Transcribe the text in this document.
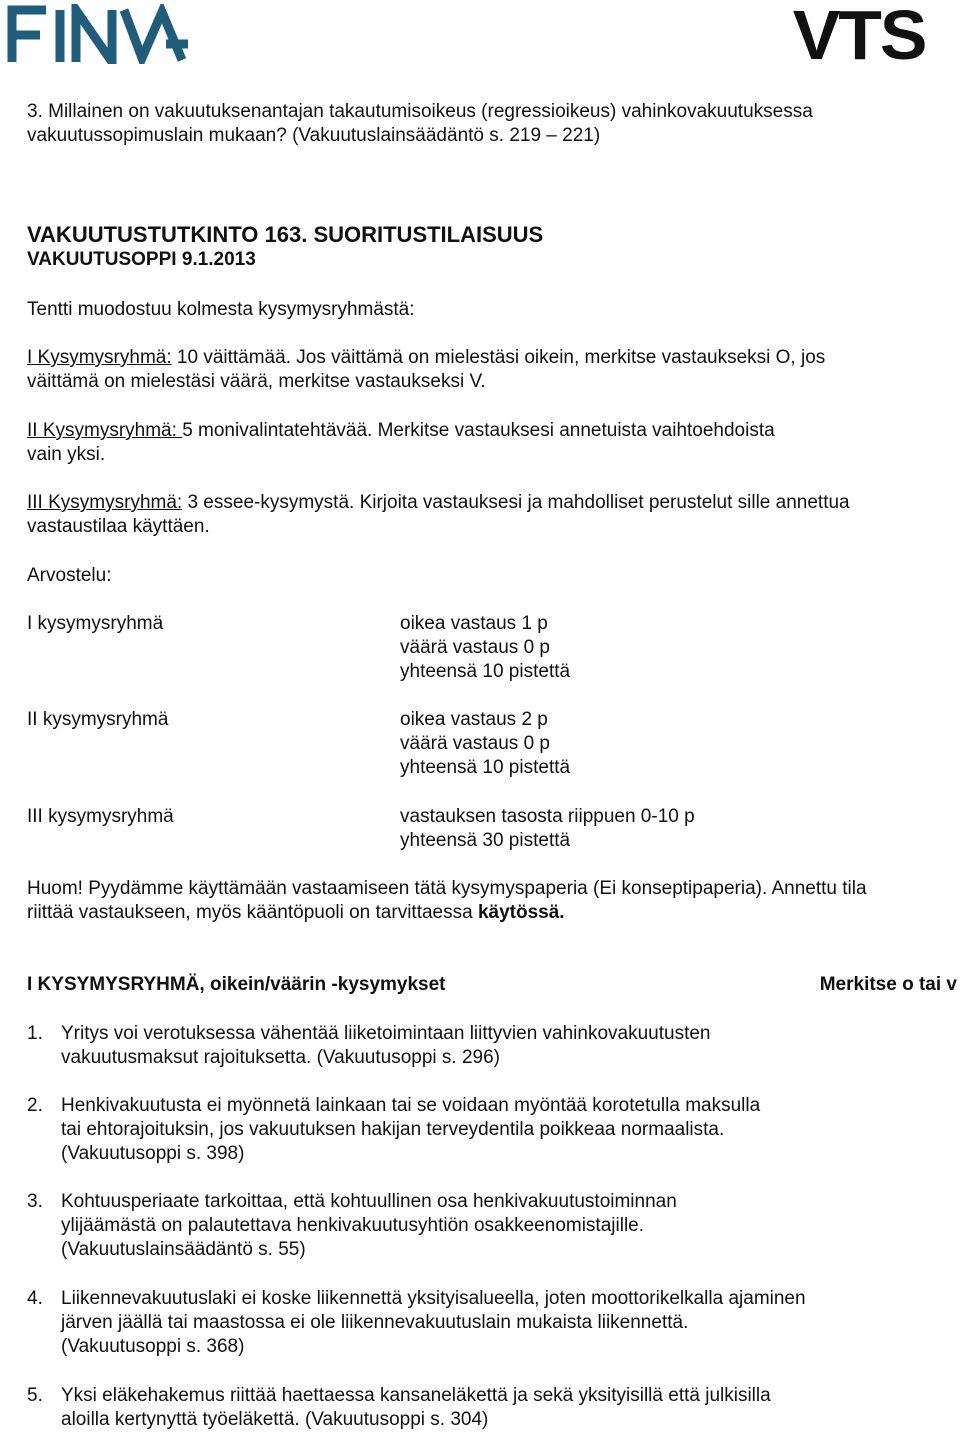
VTS
3. Millainen on vakuutuksenantajan takautumisoikeus (regressioikeus) vahinkovakuutuksessa
vakuutussopimuslain mukaan? (Vakuutuslainsäädäntö s. 219 – 221)
VAKUUTUSTUTKINTO 163. SUORITUSTILAISUUS
VAKUUTUSOPPI 9.1.2013
Tentti muodostuu kolmesta kysymysryhmästä:
I Kysymysryhmä: 10 väittämää. Jos väittämä on mielestäsi oikein, merkitse vastaukseksi O, jos
väittämä on mielestäsi väärä, merkitse vastaukseksi V.
II Kysymysryhmä: 5 monivalintatehtävää. Merkitse vastauksesi annetuista vaihtoehdoista
vain yksi.
III Kysymysryhmä: 3 essee-kysymystä. Kirjoita vastauksesi ja mahdolliset perustelut sille annettua
vastaustilaa käyttäen.
Arvostelu:
I kysymysryhmä	oikea vastaus 1 p
väärä vastaus 0 p
yhteensä 10 pistettä
II kysymysryhmä	oikea vastaus 2 p
väärä vastaus 0 p
yhteensä 10 pistettä
III kysymysryhmä	vastauksen tasosta riippuen 0-10 p
yhteensä 30 pistettä
Huom! Pyydämme käyttämään vastaamiseen tätä kysymyspaperia (Ei konseptipaperia). Annettu tila
riittää vastaukseen, myös kääntöpuoli on tarvittaessa käytössä.
I KYSYMYSRYHMÄ, oikein/väärin -kysymykset	Merkitse o tai v
1. Yritys voi verotuksessa vähentää liiketoimintaan liittyvien vahinkovakuutusten
vakuutusmaksut rajoituksetta. (Vakuutusoppi s. 296)
2. Henkivakuutusta ei myönnetä lainkaan tai se voidaan myöntää korotetulla maksulla
tai ehtorajoituksin, jos vakuutuksen hakijan terveydentila poikkeaa normaalista.
(Vakuutusoppi s. 398)
3. Kohtuusperiaate tarkoittaa, että kohtuullinen osa henkivakuutustoiminnan
ylijäämästä on palautettava henkivakuutusyhtiön osakkeenomistajille.
(Vakuutuslainsäädäntö s. 55)
4. Liikennevakuutuslaki ei koske liikennettä yksityisalueella, joten moottorikelkalla ajaminen
järven jäällä tai maastossa ei ole liikennevakuutuslain mukaista liikennettä.
(Vakuutusoppi s. 368)
5. Yksi eläkehakemus riittää haettaessa kansaneläkettä ja sekä yksityisillä että julkisilla
aloilla kertynyttä työeläkettä. (Vakuutusoppi s. 304)
